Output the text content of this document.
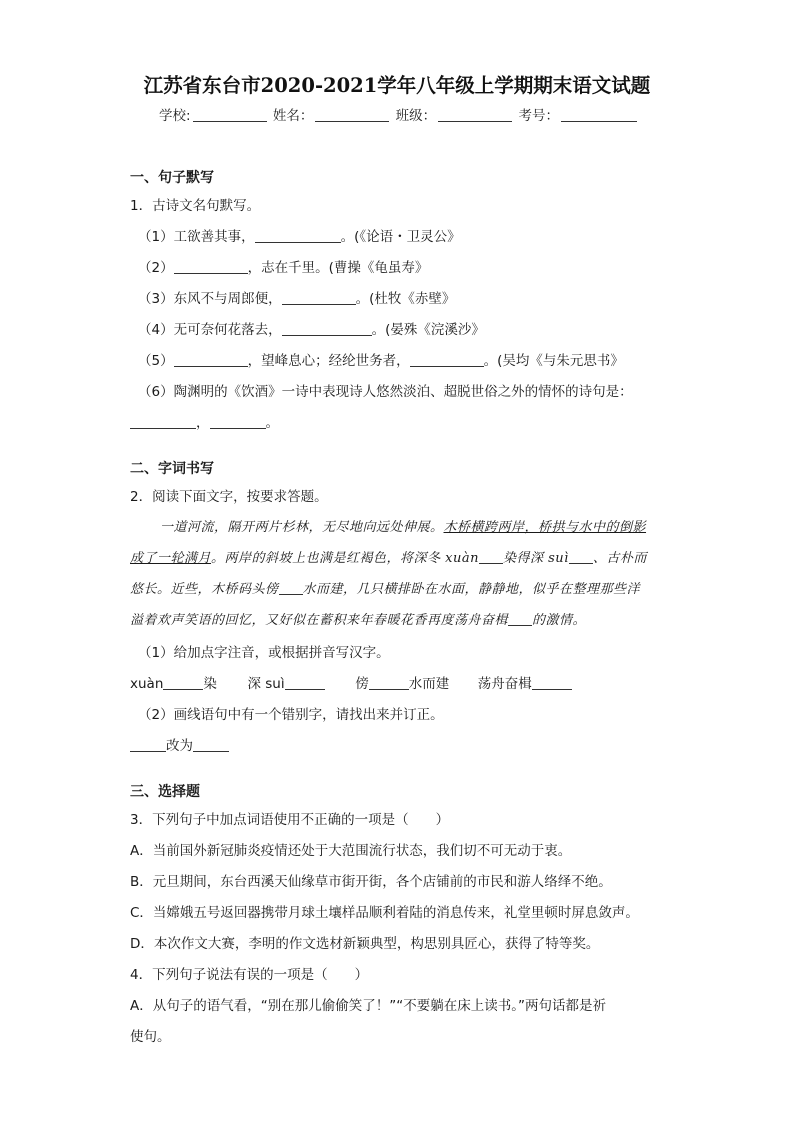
江苏省东台市2020-2021学年八年级上学期期末语文试题
学校:	姓名：	班级：	考号：
一、句子默写
1．古诗文名句默写。
（1）工欲善其事，	。(《论语・卫灵公》
（2）	，志在千里。(曹操《龟虽寿》
（3）东风不与周郎便，	。(杜牧《赤壁》
（4）无可奈何花落去，	。(晏殊《浣溪沙》
（5）	，望峰息心；经纶世务者，	。(吴均《与朱元思书》
（6）陶渊明的《饮酒》一诗中表现诗人悠然淡泊、超脱世俗之外的情怀的诗句是：
，	。
二、字词书写
2．阅读下面文字，按要求答题。
一道河流，隔开两片杉林，无尽地向远处伸展。木桥横跨两岸，桥拱与水中的倒影
成了一轮满月。两岸的斜坡上也满是红褐色，将深冬 xuàn 染得深 suì 、古朴而
悠长。近些，木桥码头傍 水而建，几只横排卧在水面，静静地，似乎在整理那些洋
溢着欢声笑语的回忆，又好似在蓄积来年春暖花香再度荡舟奋楫 的激情。
（1）给加点字注音，或根据拼音写汉字。
xuàn	染 深 suì	傍	水而建 荡舟奋楫
（2）画线语句中有一个错别字，请找出来并订正。
改为
三、选择题
3．下列句子中加点词语使用不正确的一项是（　　）
A．当前国外新冠肺炎疫情还处于大范围流行状态，我们切不可无动于衷。
B．元旦期间，东台西溪天仙缘草市街开街，各个店铺前的市民和游人络绎不绝。
C．当嫦娥五号返回器携带月球土壤样品顺利着陆的消息传来，礼堂里顿时屏息敛声。
D．本次作文大赛，李明的作文选材新颖典型，构思别具匠心，获得了特等奖。
4．下列句子说法有误的一项是（　　）
A．从句子的语气看，“别在那儿偷偷笑了！”“不要躺在床上读书。”两句话都是祈
使句。
